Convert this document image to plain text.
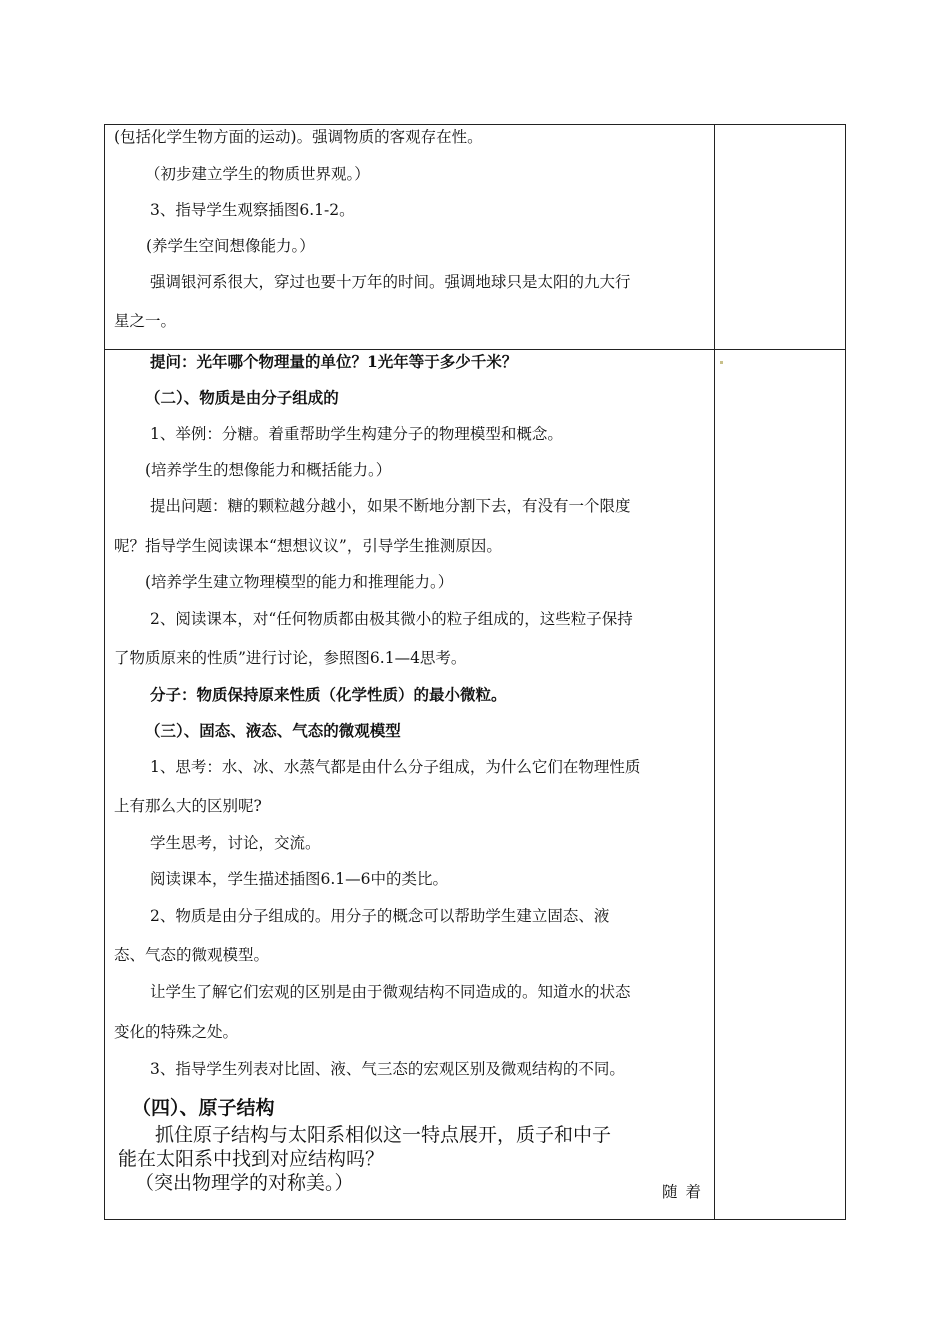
(包括化学生物方面的运动)。强调物质的客观存在性。
（初步建立学生的物质世界观。）
3、指导学生观察插图6.1-2。
(养学生空间想像能力。）
强调银河系很大，穿过也要十万年的时间。强调地球只是太阳的九大行
星之一。
提问：光年哪个物理量的单位？1光年等于多少千米？
（二）、物质是由分子组成的
1、举例：分糖。着重帮助学生构建分子的物理模型和概念。
(培养学生的想像能力和概括能力。）
提出问题：糖的颗粒越分越小，如果不断地分割下去，有没有一个限度
呢？指导学生阅读课本“想想议议”，引导学生推测原因。
(培养学生建立物理模型的能力和推理能力。）
2、阅读课本，对“任何物质都由极其微小的粒子组成的，这些粒子保持
了物质原来的性质”进行讨论，参照图6.1—4思考。
分子：物质保持原来性质（化学性质）的最小微粒。
（三）、固态、液态、气态的微观模型
1、思考：水、冰、水蒸气都是由什么分子组成，为什么它们在物理性质
上有那么大的区别呢?
学生思考，讨论，交流。
阅读课本，学生描述插图6.1—6中的类比。
2、物质是由分子组成的。用分子的概念可以帮助学生建立固态、液
态、气态的微观模型。
让学生了解它们宏观的区别是由于微观结构不同造成的。知道水的状态
变化的特殊之处。
3、指导学生列表对比固、液、气三态的宏观区别及微观结构的不同。
（四）、原子结构
抓住原子结构与太阳系相似这一特点展开，质子和中子
能在太阳系中找到对应结构吗？
（突出物理学的对称美。）	随着
